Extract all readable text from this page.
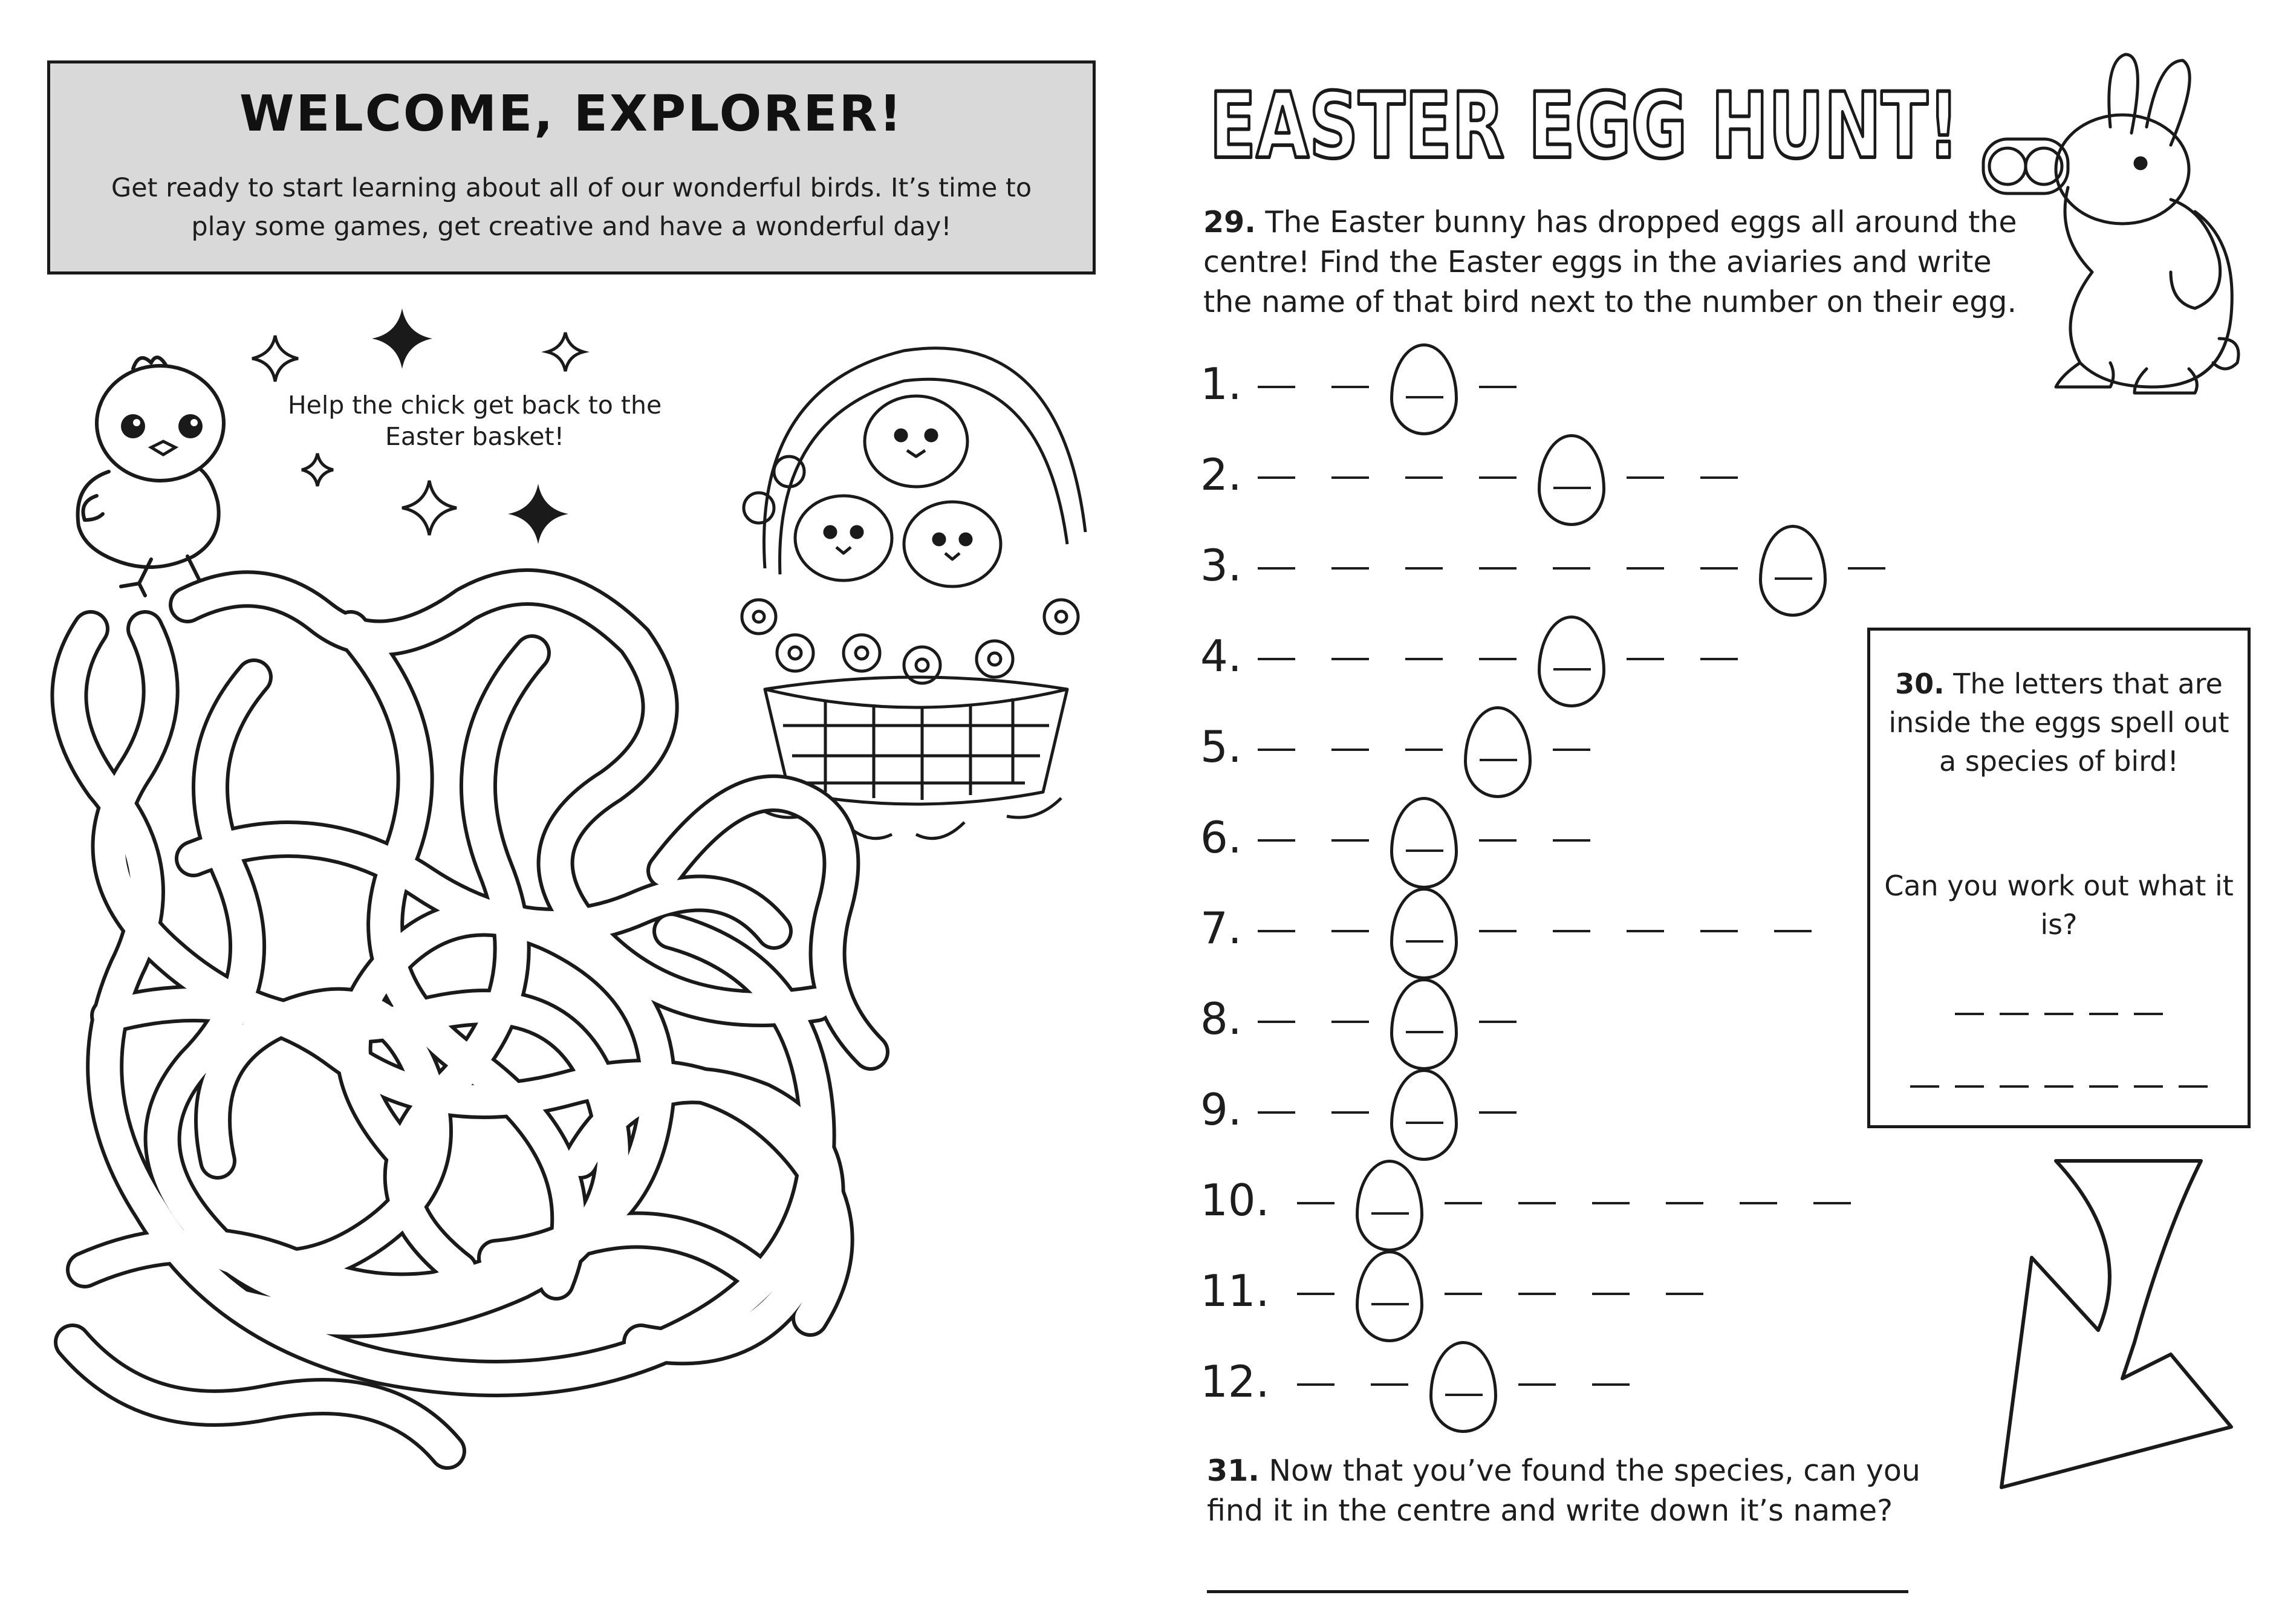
WELCOME, EXPLORER!
Get ready to start learning about all of our wonderful birds. It’s time to play some games, get creative and have a wonderful day!
Help the chick get back to the Easter basket!
EASTER EGG HUNT!
29. The Easter bunny has dropped eggs all around the centre! Find the Easter eggs in the aviaries and write the name of that bird next to the number on their egg.
1.
2.
3.
4.
5.
6.
7.
8.
9.
10.
11.
12.
30. The letters that are inside the eggs spell out a species of bird!
Can you work out what it is?
31. Now that you’ve found the species, can you find it in the centre and write down it’s name?
